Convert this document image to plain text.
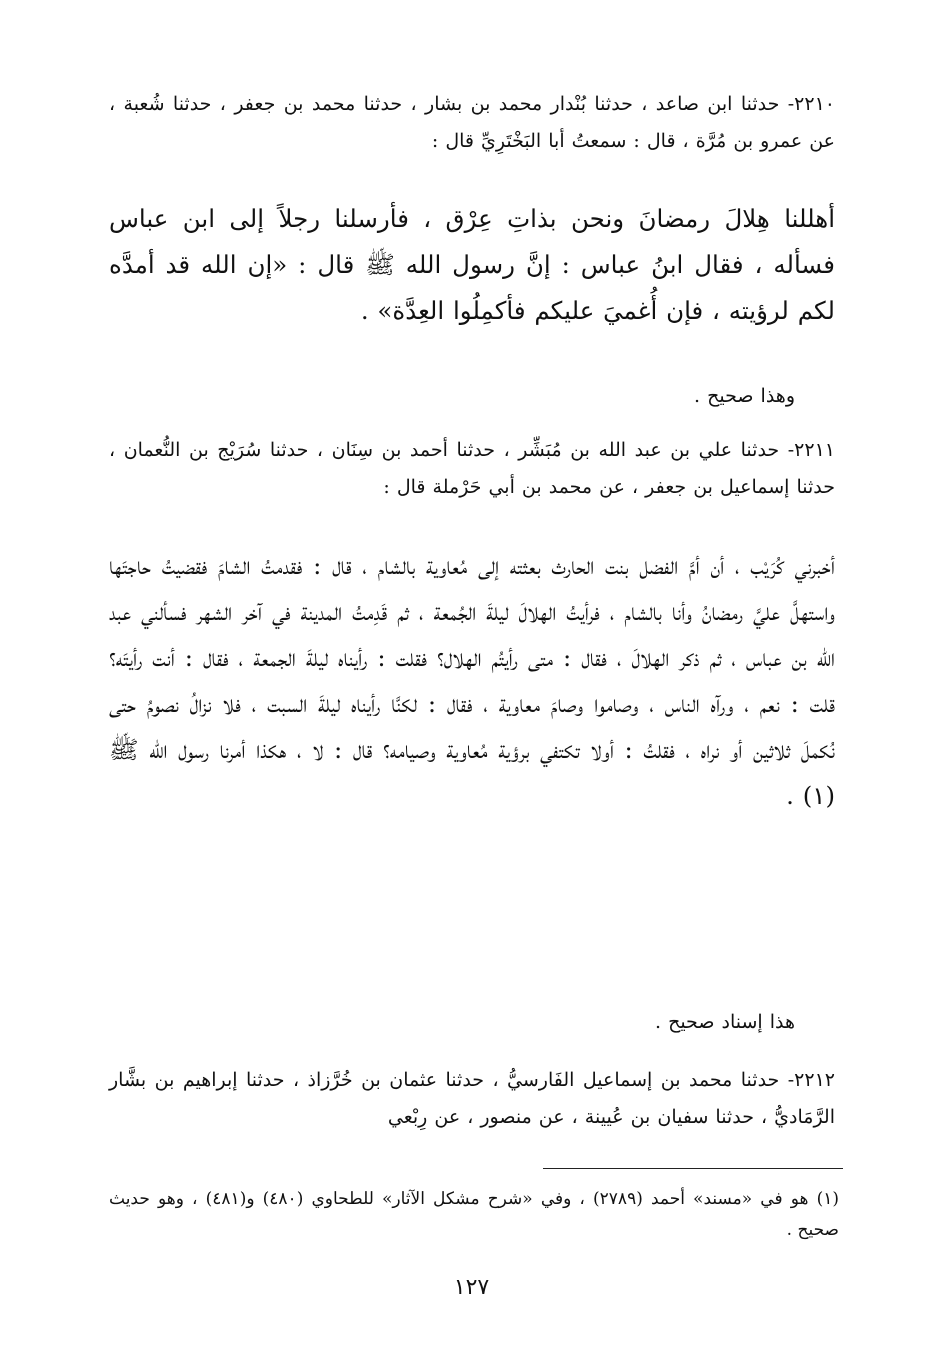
٢٢١٠- حدثنا ابن صاعد ، حدثنا بُنْدار محمد بن بشار ، حدثنا محمد بن جعفر ، حدثنا شُعبة ، عن عمرو بن مُرَّة ، قال : سمعتُ أبا البَخْتَرِيِّ قال :

أهللنا هِلالَ رمضانَ ونحن بذاتِ عِرْق ، فأرسلنا رجلاً إلى ابن عباس فسأله ، فقال ابنُ عباس : إنَّ رسول الله ﷺ قال : «إن الله قد أمدَّه لكم لرؤيته ، فإن أُغميَ عليكم فأكمِلُوا العِدَّة» .

وهذا صحيح .

٢٢١١- حدثنا علي بن عبد الله بن مُبَشِّر ، حدثنا أحمد بن سِنَان ، حدثنا سُرَيْج بن النُّعمان ، حدثنا إسماعيل بن جعفر ، عن محمد بن أبي حَرْملة قال :

أخبرني كُرَيْب ، أن أمَّ الفضل بنت الحارث بعثته إلى مُعاوية بالشام ، قال : فقدمتُ الشامَ فقضيتُ حاجتَها واستهلَّ عليَّ رمضانُ وأنا بالشام ، فرأيتُ الهلالَ ليلةَ الجُمعة ، ثم قَدِمتُ المدينة في آخر الشهر فسألني عبد الله بن عباس ، ثم ذكر الهلالَ ، فقال : متى رأيتُم الهلال؟ فقلت : رأيناه ليلةَ الجمعة ، فقال : أنت رأيتَه؟ قلت : نعم ، ورآه الناس ، وصاموا وصامَ معاوية ، فقال : لكنَّا رأيناه ليلةَ السبت ، فلا نزالُ نصومُ حتى نُكملَ ثلاثين أو نراه ، فقلتُ : أولا تكتفي برؤية مُعاوية وصيامه؟ قال : لا ، هكذا أمرنا رسول الله ﷺ (١) .

هذا إسناد صحيح .

٢٢١٢- حدثنا محمد بن إسماعيل الفَارسيُّ ، حدثنا عثمان بن خُرَّزاذ ، حدثنا إبراهيم بن بشَّار الرَّمَاديُّ ، حدثنا سفيان بن عُيينة ، عن منصور ، عن رِبْعي

(١) هو في «مسند» أحمد (٢٧٨٩) ، وفي «شرح مشكل الآثار» للطحاوي (٤٨٠) و(٤٨١) ، وهو حديث صحيح .

١٢٧
